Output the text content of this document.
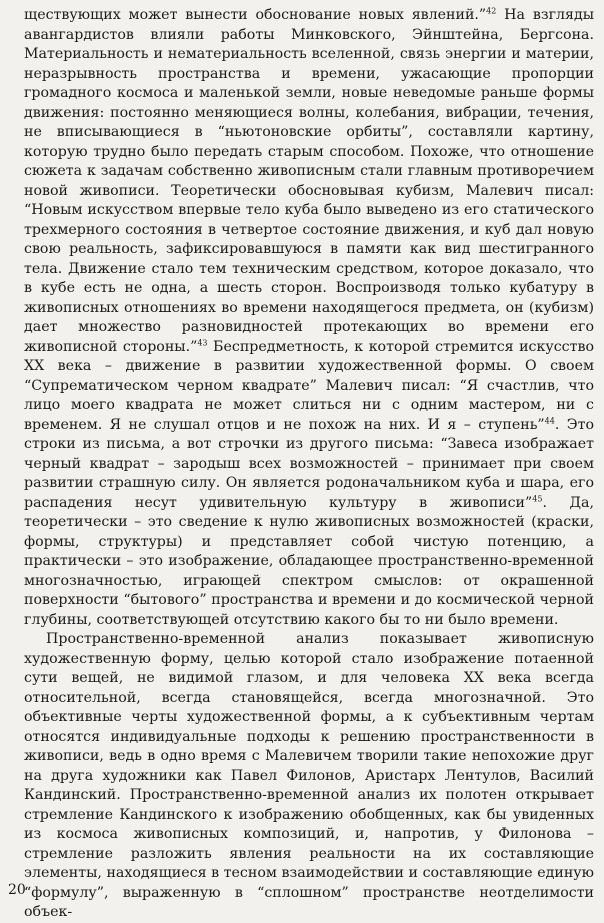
ществующих может вынести обоснование новых явлений.”$^{42}$ На взгляды авангардистов влияли работы Минковского, Эйнштейна, Бергсона. Материальность и нематериальность вселенной, связь энергии и материи, неразрывность пространства и времени, ужасающие пропорции громадного космоса и маленькой земли, новые неведомые раньше формы движения: постоянно меняющиеся волны, колебания, вибрации, течения, не вписывающиеся в “ньютоновские орбиты”, составляли картину, которую трудно было передать старым способом. Похоже, что отношение сюжета к задачам собственно живописным стали главным противоречием новой живописи. Теоретически обосновывая кубизм, Малевич писал: “Новым искусством впервые тело куба было выведено из его статического трехмерного состояния в четвертое состояние движения, и куб дал новую свою реальность, зафиксировавшуюся в памяти как вид шестигранного тела. Движение стало тем техническим средством, которое доказало, что в кубе есть не одна, а шесть сторон. Воспроизводя только кубатуру в живописных отношениях во времени находящегося предмета, он (кубизм) дает множество разновидностей протекающих во времени его живописной стороны.”$^{43}$ Беспредметность, к которой стремится искусство XX века – движение в развитии художественной формы. О своем “Супрематическом черном квадрате” Малевич писал: “Я счастлив, что лицо моего квадрата не может слиться ни с одним мастером, ни с временем. Я не слушал отцов и не похож на них. И я – ступень”$^{44}$. Это строки из письма, а вот строчки из другого письма: “Завеса изображает черный квадрат – зародыш всех возможностей – принимает при своем развитии страшную силу. Он является родоначальником куба и шара, его распадения несут удивительную культуру в живописи”$^{45}$. Да, теоретически – это сведение к нулю живописных возможностей (краски, формы, структуры) и представляет собой чистую потенцию, а практически – это изображение, обладающее пространственно-временной многозначностью, играющей спектром смыслов: от окрашенной поверхности “бытового” пространства и времени и до космической черной глубины, соответствующей отсутствию какого бы то ни было времени.

Пространственно-временной анализ показывает живописную художественную форму, целью которой стало изображение потаенной сути вещей, не видимой глазом, и для человека XX века всегда относительной, всегда становящейся, всегда многозначной. Это объективные черты художественной формы, а к субъективным чертам относятся индивидуальные подходы к решению пространственности в живописи, ведь в одно время с Малевичем творили такие непохожие друг на друга художники как Павел Филонов, Аристарх Лентулов, Василий Кандинский. Пространственно-временной анализ их полотен открывает стремление Кандинского к изображению обобщенных, как бы увиденных из космоса живописных композиций, и, напротив, у Филонова – стремление разложить явления реальности на их составляющие элементы, находящиеся в тесном взаимодействии и составляющие единую “формулу”, выраженную в “сплошном” пространстве неотделимости объек-

20
